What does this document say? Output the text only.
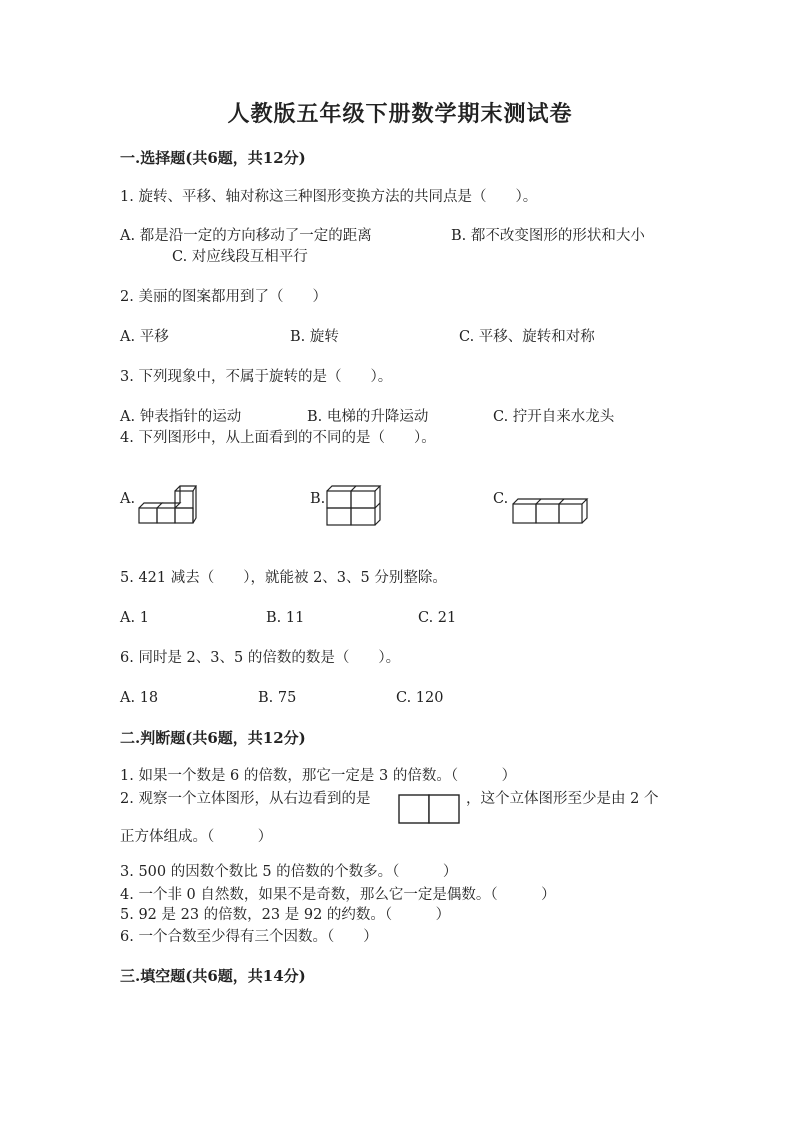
人教版五年级下册数学期末测试卷
一.选择题(共6题，共12分)
1. 旋转、平移、轴对称这三种图形变换方法的共同点是（　　）。
A. 都是沿一定的方向移动了一定的距离	B. 都不改变图形的形状和大小
C. 对应线段互相平行
2. 美丽的图案都用到了（　　）
A. 平移	B. 旋转	C. 平移、旋转和对称
3. 下列现象中，不属于旋转的是（　　）。
A. 钟表指针的运动	B. 电梯的升降运动	C. 拧开自来水龙头
4. 下列图形中，从上面看到的不同的是（　　）。
A.	B.	C.
5. 421 减去（　　），就能被 2、3、5 分别整除。
A. 1	B. 11	C. 21
6. 同时是 2、3、5 的倍数的数是（　　）。
A. 18	B. 75	C. 120
二.判断题(共6题，共12分)
1. 如果一个数是 6 的倍数，那它一定是 3 的倍数。（　　　）
2. 观察一个立体图形，从右边看到的是	，这个立体图形至少是由 2 个
正方体组成。（　　　）
3. 500 的因数个数比 5 的倍数的个数多。（　　　）
4. 一个非 0 自然数，如果不是奇数，那么它一定是偶数。（　　　）
5. 92 是 23 的倍数，23 是 92 的约数。（　　　）
6. 一个合数至少得有三个因数。（　　）
三.填空题(共6题，共14分)
